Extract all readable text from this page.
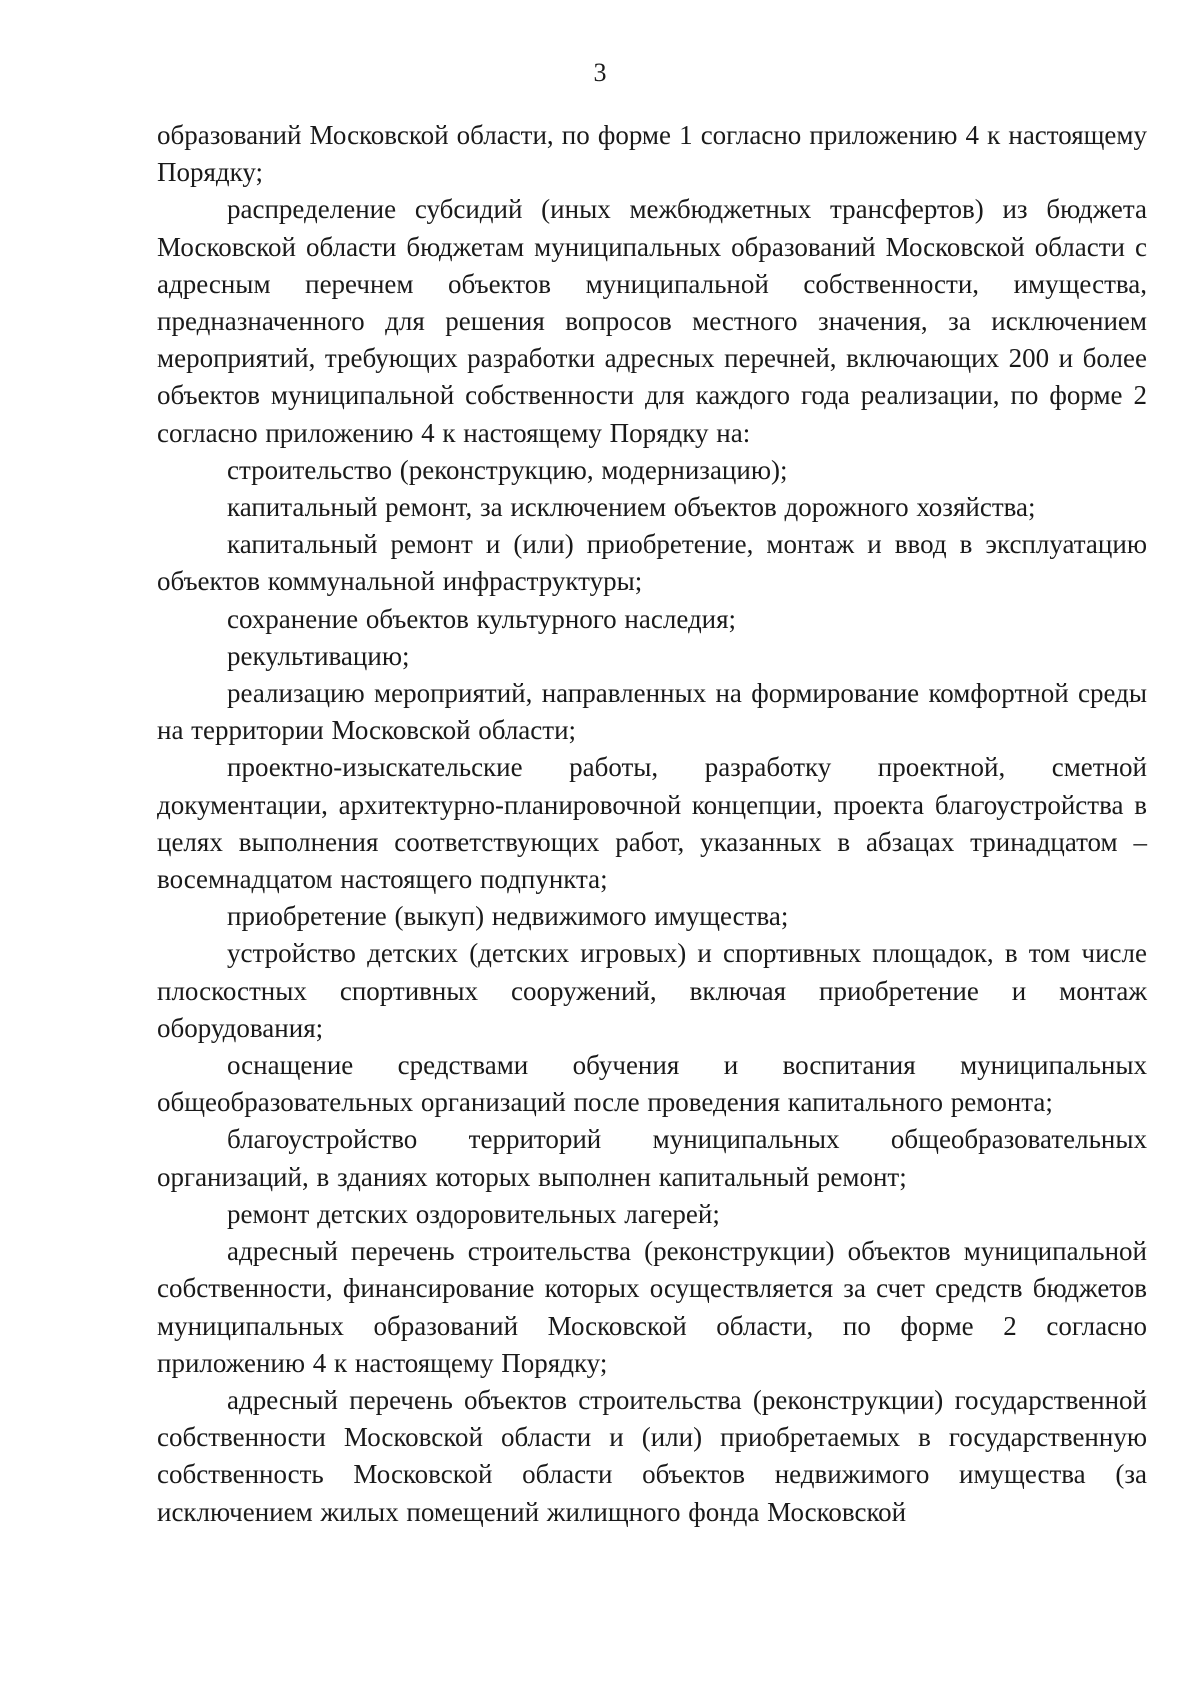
3

образований Московской области, по форме 1 согласно приложению 4 к настоящему Порядку;

распределение субсидий (иных межбюджетных трансфертов) из бюджета Московской области бюджетам муниципальных образований Московской области с адресным перечнем объектов муниципальной собственности, имущества, предназначенного для решения вопросов местного значения, за исключением мероприятий, требующих разработки адресных перечней, включающих 200 и более объектов муниципальной собственности для каждого года реализации, по форме 2 согласно приложению 4 к настоящему Порядку на:

строительство (реконструкцию, модернизацию);

капитальный ремонт, за исключением объектов дорожного хозяйства;

капитальный ремонт и (или) приобретение, монтаж и ввод в эксплуатацию объектов коммунальной инфраструктуры;

сохранение объектов культурного наследия;

рекультивацию;

реализацию мероприятий, направленных на формирование комфортной среды на территории Московской области;

проектно-изыскательские работы, разработку проектной, сметной документации, архитектурно-планировочной концепции, проекта благоустройства в целях выполнения соответствующих работ, указанных в абзацах тринадцатом – восемнадцатом настоящего подпункта;

приобретение (выкуп) недвижимого имущества;

устройство детских (детских игровых) и спортивных площадок, в том числе плоскостных спортивных сооружений, включая приобретение и монтаж оборудования;

оснащение средствами обучения и воспитания муниципальных общеобразовательных организаций после проведения капитального ремонта;

благоустройство территорий муниципальных общеобразовательных организаций, в зданиях которых выполнен капитальный ремонт;

ремонт детских оздоровительных лагерей;

адресный перечень строительства (реконструкции) объектов муниципальной собственности, финансирование которых осуществляется за счет средств бюджетов муниципальных образований Московской области, по форме 2 согласно приложению 4 к настоящему Порядку;

адресный перечень объектов строительства (реконструкции) государственной собственности Московской области и (или) приобретаемых в государственную собственность Московской области объектов недвижимого имущества (за исключением жилых помещений жилищного фонда Московской
